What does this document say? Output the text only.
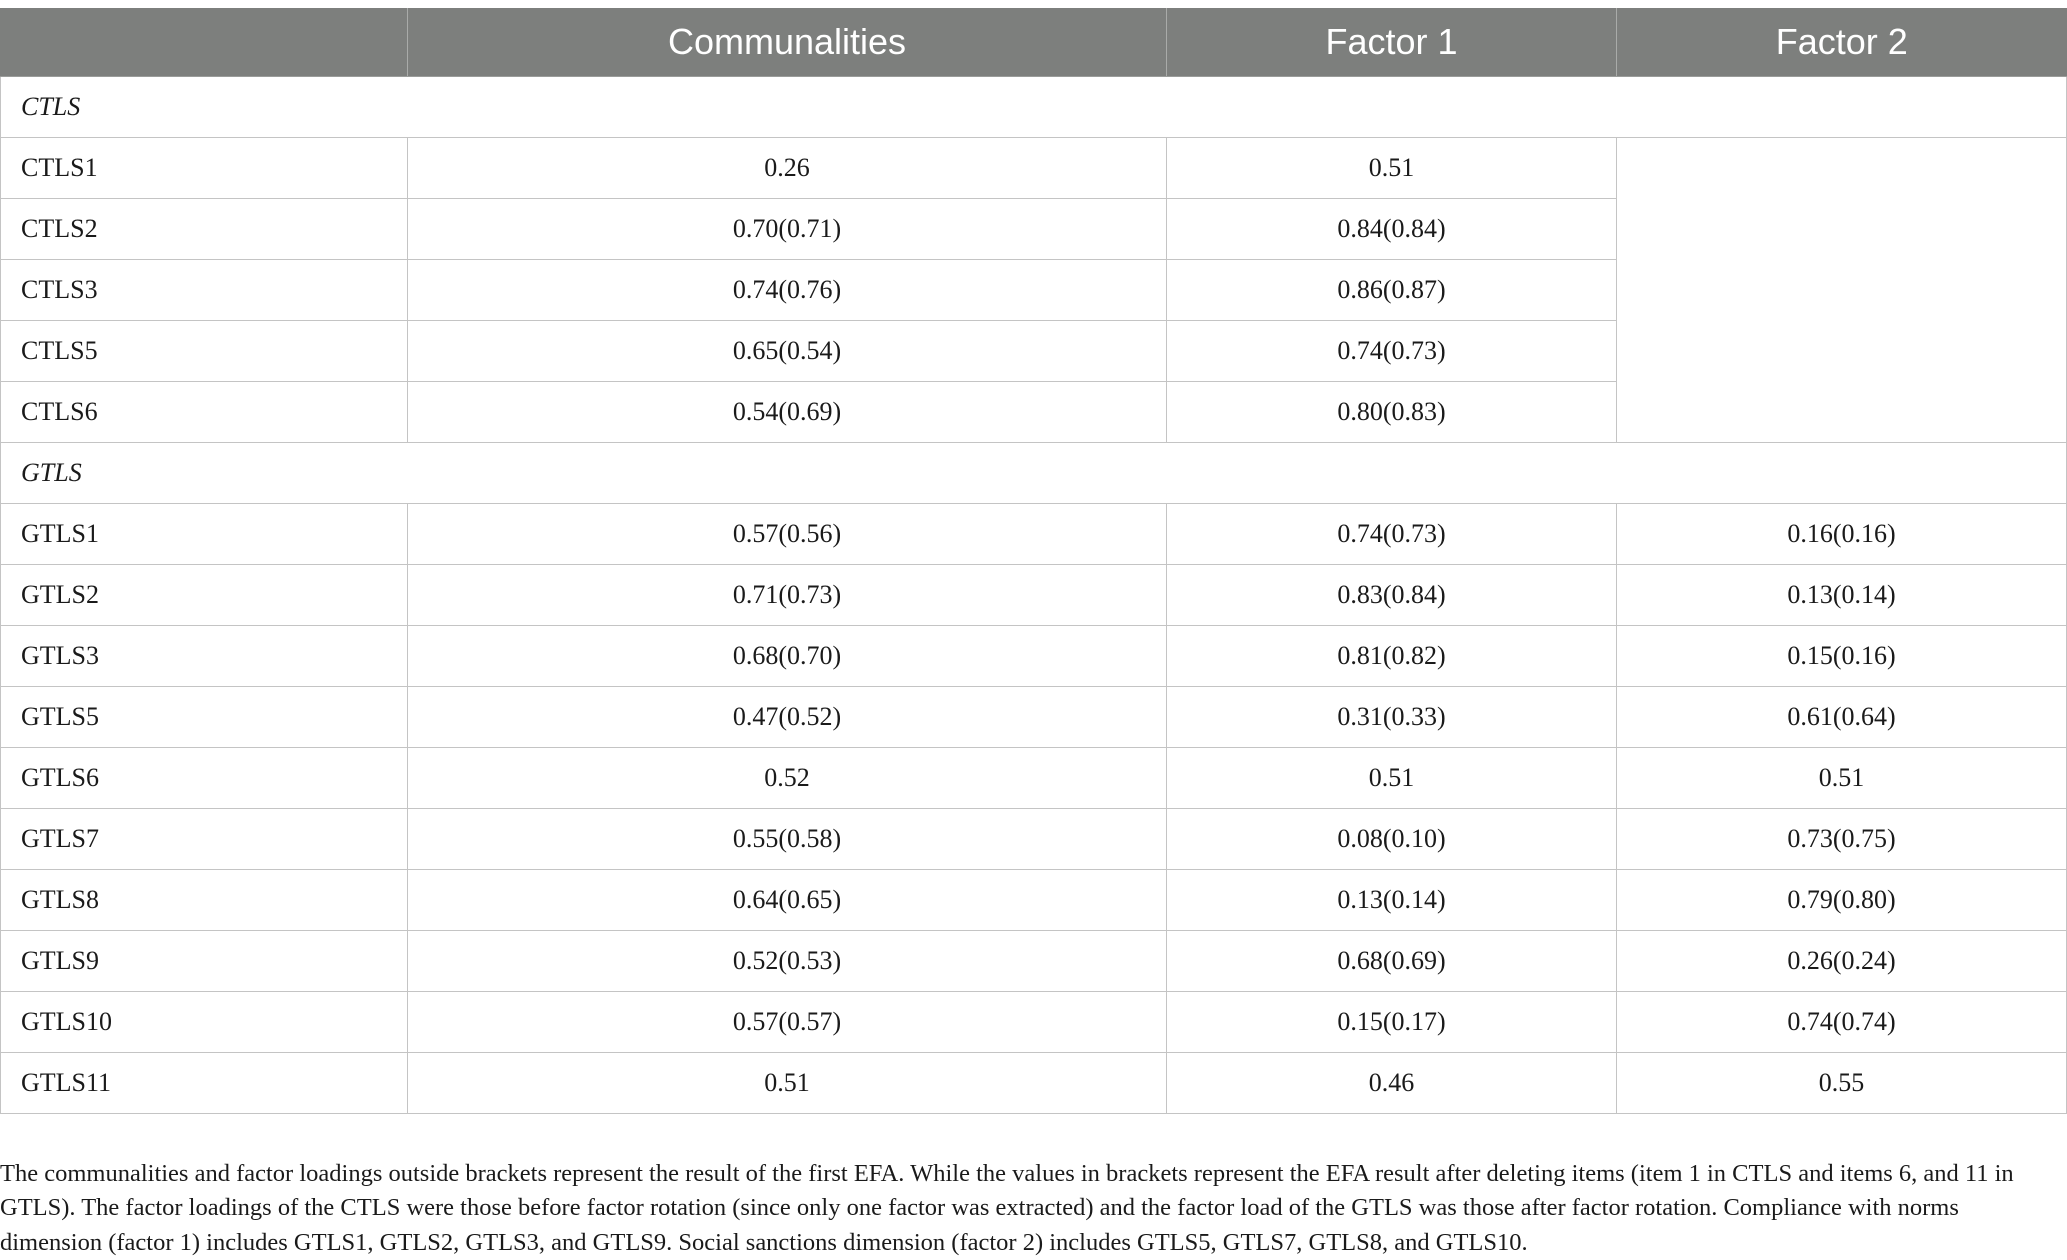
	Communalities	Factor 1	Factor 2
CTLS			
CTLS1	0.26	0.51	
CTLS2	0.70(0.71)	0.84(0.84)	
CTLS3	0.74(0.76)	0.86(0.87)	
CTLS5	0.65(0.54)	0.74(0.73)	
CTLS6	0.54(0.69)	0.80(0.83)	
GTLS			
GTLS1	0.57(0.56)	0.74(0.73)	0.16(0.16)
GTLS2	0.71(0.73)	0.83(0.84)	0.13(0.14)
GTLS3	0.68(0.70)	0.81(0.82)	0.15(0.16)
GTLS5	0.47(0.52)	0.31(0.33)	0.61(0.64)
GTLS6	0.52	0.51	0.51
GTLS7	0.55(0.58)	0.08(0.10)	0.73(0.75)
GTLS8	0.64(0.65)	0.13(0.14)	0.79(0.80)
GTLS9	0.52(0.53)	0.68(0.69)	0.26(0.24)
GTLS10	0.57(0.57)	0.15(0.17)	0.74(0.74)
GTLS11	0.51	0.46	0.55

The communalities and factor loadings outside brackets represent the result of the first EFA. While the values in brackets represent the EFA result after deleting items (item 1 in CTLS and items 6, and 11 in GTLS). The factor loadings of the CTLS were those before factor rotation (since only one factor was extracted) and the factor load of the GTLS was those after factor rotation. Compliance with norms dimension (factor 1) includes GTLS1, GTLS2, GTLS3, and GTLS9. Social sanctions dimension (factor 2) includes GTLS5, GTLS7, GTLS8, and GTLS10.
